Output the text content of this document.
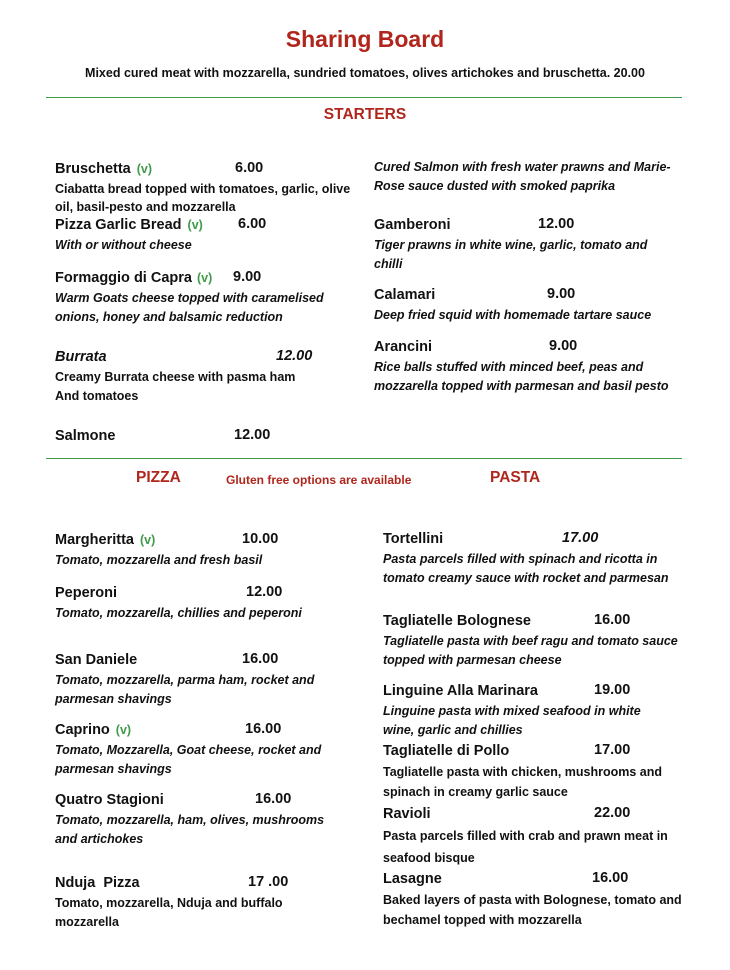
Sharing Board
Mixed cured meat with mozzarella, sundried tomatoes, olives artichokes and bruschetta. 20.00
STARTERS
Bruschetta (v)	6.00
Ciabatta bread topped with tomatoes, garlic, olive oil, basil-pesto and mozzarella
Pizza Garlic Bread (v) 6.00
With or without cheese
Formaggio di Capra (v) 9.00
Warm Goats cheese topped with caramelised onions, honey and balsamic reduction
Burrata	12.00
Creamy Burrata cheese with pasma ham
And tomatoes
Salmone	12.00
Cured Salmon with fresh water prawns and Marie-Rose sauce dusted with smoked paprika
Gamberoni	12.00
Tiger prawns in white wine, garlic, tomato and chilli
Calamari	9.00
Deep fried squid with homemade tartare sauce
Arancini	9.00
Rice balls stuffed with minced beef, peas and mozzarella topped with parmesan and basil pesto
PIZZA	Gluten free options are available	PASTA
Margheritta (v)	10.00
Tomato, mozzarella and fresh basil
Peperoni	12.00
Tomato, mozzarella, chillies and peperoni
San Daniele	16.00
Tomato, mozzarella, parma ham, rocket and parmesan shavings
Caprino (v)	16.00
Tomato, Mozzarella, Goat cheese, rocket and parmesan shavings
Quatro Stagioni	16.00
Tomato, mozzarella, ham, olives, mushrooms and artichokes
Nduja  Pizza	17 .00
Tomato, mozzarella, Nduja and buffalo mozzarella
Tortellini	17.00
Pasta parcels filled with spinach and ricotta in tomato creamy sauce with rocket and parmesan
Tagliatelle Bolognese	16.00
Tagliatelle pasta with beef ragu and tomato sauce topped with parmesan cheese
Linguine Alla Marinara	19.00
Linguine pasta with mixed seafood in white wine, garlic and chillies
Tagliatelle di Pollo	17.00
Tagliatelle pasta with chicken, mushrooms and spinach in creamy garlic sauce
Ravioli	22.00
Pasta parcels filled with crab and prawn meat in seafood bisque
Lasagne	16.00
Baked layers of pasta with Bolognese, tomato and bechamel topped with mozzarella
